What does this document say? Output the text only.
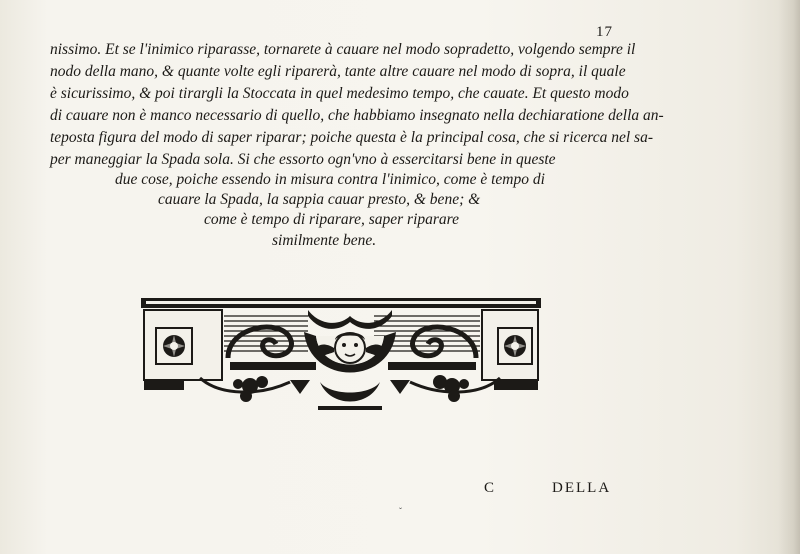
17
nissimo. Et se l'inimico riparasse, tornarete à cauare nel modo sopradetto, volgendo sempre il
nodo della mano, & quante volte egli riparerà, tante altre cauare nel modo di sopra, il quale
è sicurissimo, & poi tirargli la Stoccata in quel medesimo tempo, che cauate. Et questo modo
di cauare non è manco necessario di quello, che habbiamo insegnato nella dechiaratione della an-
teposta figura del modo di saper riparar; poiche questa è la principal cosa, che si ricerca nel sa-
per maneggiar la Spada sola. Si che essorto ogn'vno à essercitarsi bene in queste
due cose, poiche essendo in misura contra l'inimico, come è tempo di
cauare la Spada, la sappia cauar presto, & bene; &
come è tempo di riparare, saper riparare
similmente bene.
C	DELLA
ˇ
